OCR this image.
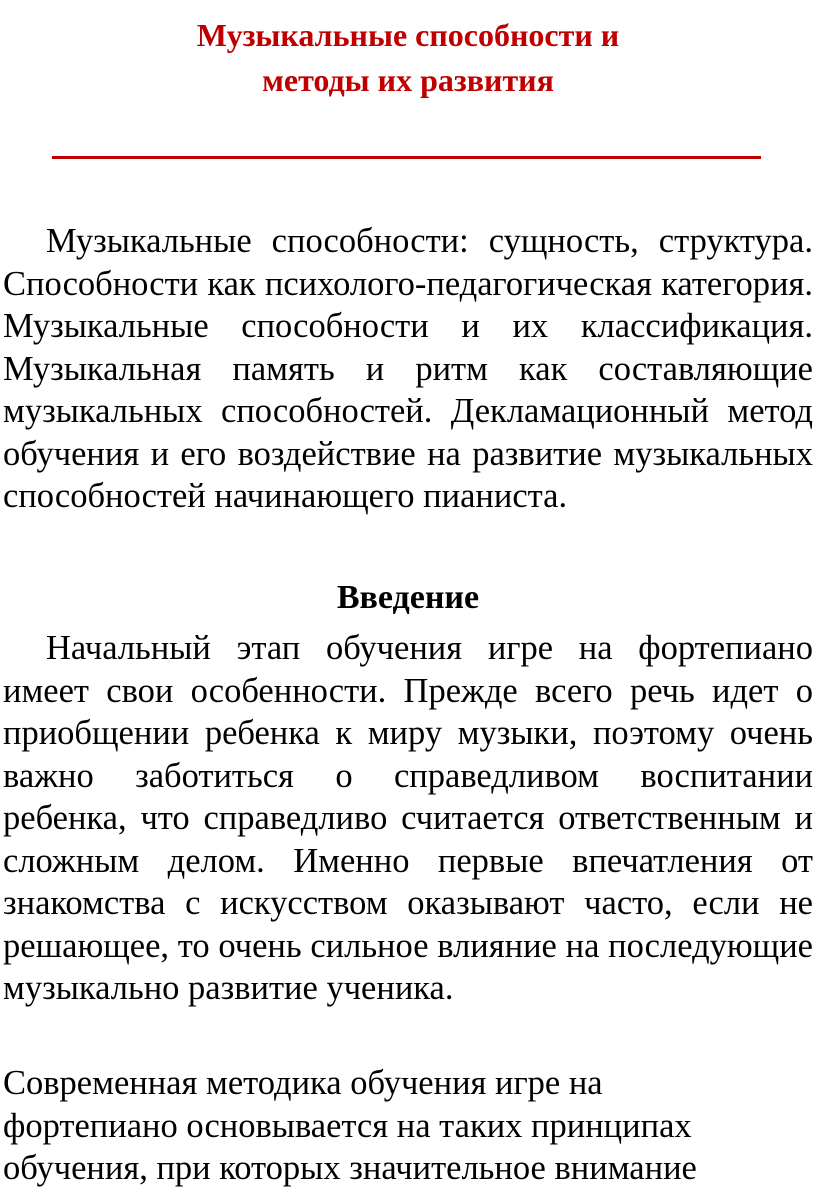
Музыкальные способности и
методы их развития

Музыкальные способности: сущность, структура. Способности как психолого-педагогическая категория. Музыкальные способности и их классификация. Музыкальная память и ритм как составляющие музыкальных способностей. Декламационный метод обучения и его воздействие на развитие музыкальных способностей начинающего пианиста.

Введение

Начальный этап обучения игре на фортепиано имеет свои особенности. Прежде всего речь идет о приобщении ребенка к миру музыки, поэтому очень важно заботиться о справедливом воспитании ребенка, что справедливо считается ответственным и сложным делом. Именно первые впечатления от знакомства с искусством оказывают часто, если не решающее, то очень сильное влияние на последующие музыкально развитие ученика.

Современная методика обучения игре на
фортепиано основывается на таких принципах
обучения, при которых значительное внимание
